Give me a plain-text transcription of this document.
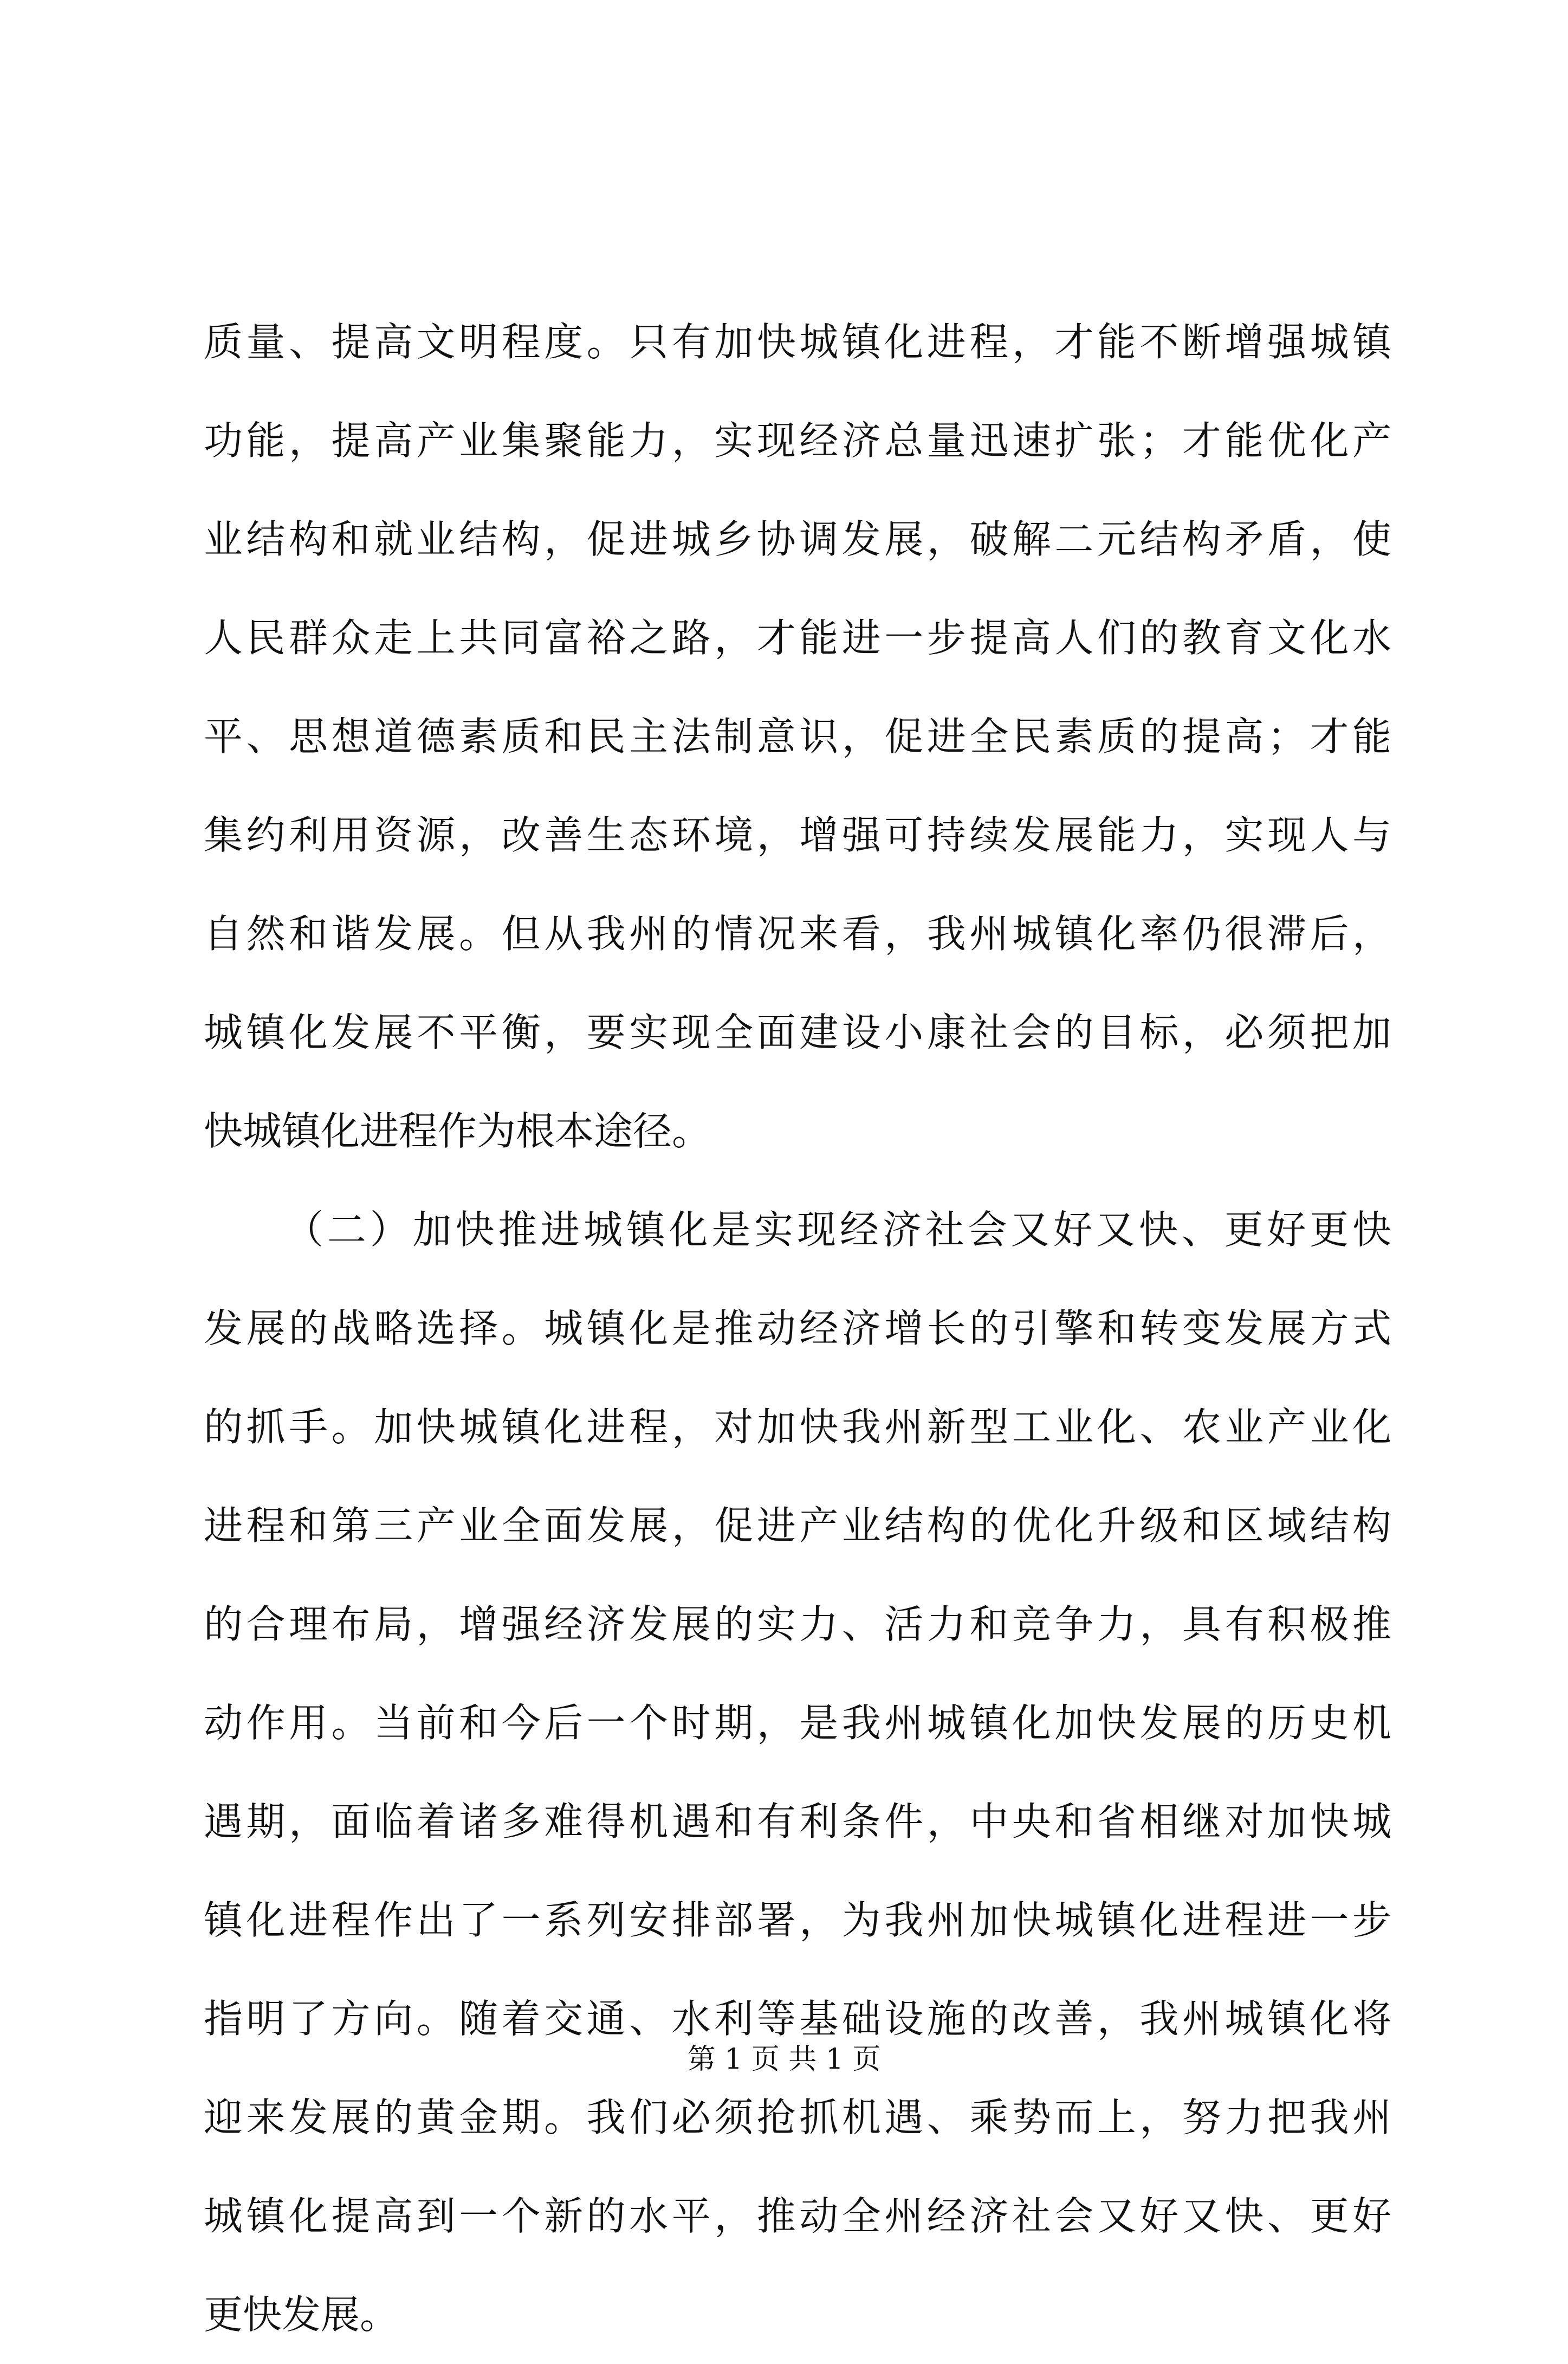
质量、提高文明程度。只有加快城镇化进程，才能不断增强城镇
功能，提高产业集聚能力，实现经济总量迅速扩张；才能优化产
业结构和就业结构，促进城乡协调发展，破解二元结构矛盾，使
人民群众走上共同富裕之路，才能进一步提高人们的教育文化水
平、思想道德素质和民主法制意识，促进全民素质的提高；才能
集约利用资源，改善生态环境，增强可持续发展能力，实现人与
自然和谐发展。但从我州的情况来看，我州城镇化率仍很滞后，
城镇化发展不平衡，要实现全面建设小康社会的目标，必须把加
快城镇化进程作为根本途径。
（二）加快推进城镇化是实现经济社会又好又快、更好更快
发展的战略选择。城镇化是推动经济增长的引擎和转变发展方式
的抓手。加快城镇化进程，对加快我州新型工业化、农业产业化
进程和第三产业全面发展，促进产业结构的优化升级和区域结构
的合理布局，增强经济发展的实力、活力和竞争力，具有积极推
动作用。当前和今后一个时期，是我州城镇化加快发展的历史机
遇期，面临着诸多难得机遇和有利条件，中央和省相继对加快城
镇化进程作出了一系列安排部署，为我州加快城镇化进程进一步
指明了方向。随着交通、水利等基础设施的改善，我州城镇化将
迎来发展的黄金期。我们必须抢抓机遇、乘势而上，努力把我州
城镇化提高到一个新的水平，推动全州经济社会又好又快、更好
更快发展。
第 1 页 共 1 页
